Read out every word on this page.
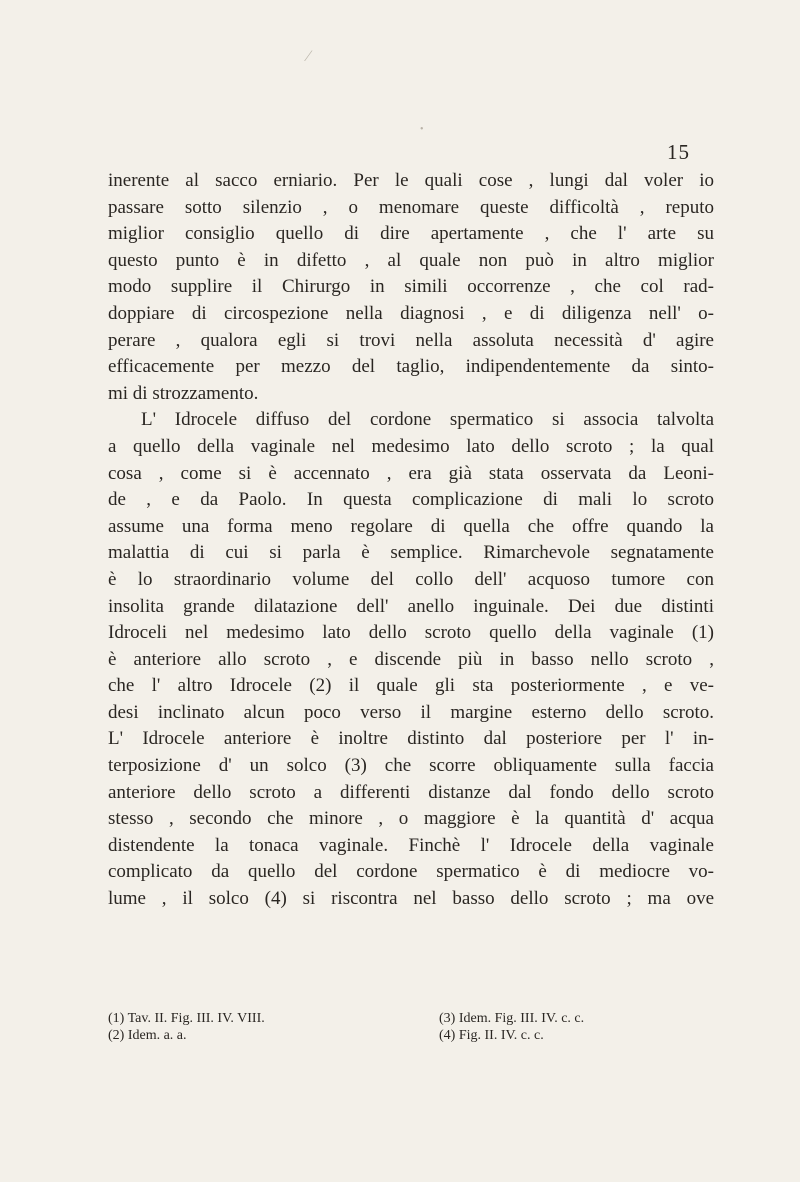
⁄
•
15
inerente al sacco erniario. Per le quali cose , lungi dal voler io
passare sotto silenzio , o menomare queste difficoltà , reputo
miglior consiglio quello di dire apertamente , che l' arte su
questo punto è in difetto , al quale non può in altro miglior
modo supplire il Chirurgo in simili occorrenze , che col rad-
doppiare di circospezione nella diagnosi , e di diligenza nell' o-
perare , qualora egli si trovi nella assoluta necessità d' agire
efficacemente per mezzo del taglio, indipendentemente da sinto-
mi di strozzamento.
L' Idrocele diffuso del cordone spermatico si associa talvolta
a quello della vaginale nel medesimo lato dello scroto ; la qual
cosa , come si è accennato , era già stata osservata da Leoni-
de , e da Paolo. In questa complicazione di mali lo scroto
assume una forma meno regolare di quella che offre quando la
malattia di cui si parla è semplice. Rimarchevole segnatamente
è lo straordinario volume del collo dell' acquoso tumore con
insolita grande dilatazione dell' anello inguinale. Dei due distinti
Idroceli nel medesimo lato dello scroto quello della vaginale (1)
è anteriore allo scroto , e discende più in basso nello scroto ,
che l' altro Idrocele (2) il quale gli sta posteriormente , e ve-
desi inclinato alcun poco verso il margine esterno dello scroto.
L' Idrocele anteriore è inoltre distinto dal posteriore per l' in-
terposizione d' un solco (3) che scorre obliquamente sulla faccia
anteriore dello scroto a differenti distanze dal fondo dello scroto
stesso , secondo che minore , o maggiore è la quantità d' acqua
distendente la tonaca vaginale. Finchè l' Idrocele della vaginale
complicato da quello del cordone spermatico è di mediocre vo-
lume , il solco (4) si riscontra nel basso dello scroto ; ma ove
(1) Tav. II. Fig. III. IV. VIII.	(3) Idem. Fig. III. IV. c. c.
(2) Idem. a. a.	(4) Fig. II. IV. c. c.
